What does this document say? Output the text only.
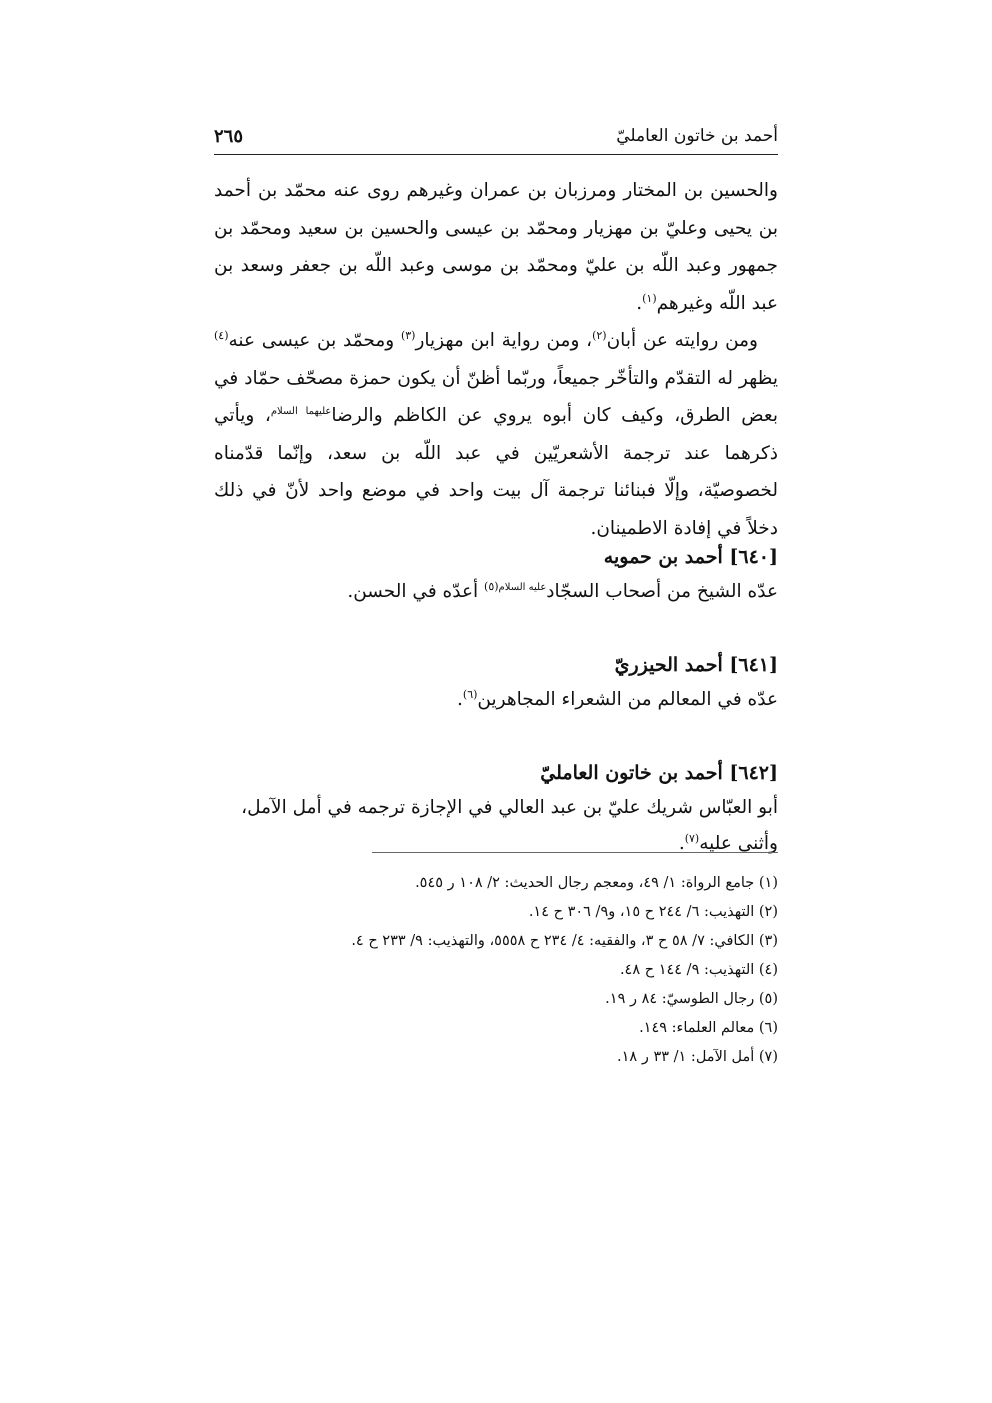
أحمد بن خاتون العامليّ
٢٦٥

والحسين بن المختار ومرزبان بن عمران وغيرهم روى عنه محمّد بن أحمد بن يحيى وعليّ بن مهزيار ومحمّد بن عيسى والحسين بن سعيد ومحمّد بن جمهور وعبد اللّه بن عليّ ومحمّد بن موسى وعبد اللّه بن جعفر وسعد بن عبد اللّه وغيرهم$^{(١)}$.

ومن روايته عن أبان$^{(٢)}$، ومن رواية ابن مهزيار$^{(٣)}$ ومحمّد بن عيسى عنه$^{(٤)}$ يظهر له التقدّم والتأخّر جميعاً، وربّما أظنّ أن يكون حمزة مصحّف حمّاد في بعض الطرق، وكيف كان أبوه يروي عن الكاظم والرضا$^{عليهما السلام}$، ويأتي ذكرهما عند ترجمة الأشعريّين في عبد اللّه بن سعد، وإنّما قدّمناه لخصوصيّة، وإلّا فبنائنا ترجمة آل بيت واحد في موضع واحد لأنّ في ذلك دخلاً في إفادة الاطمينان.

[٦٤٠] أحمد بن حمويه
عدّه الشيخ من أصحاب السجّاد$^{عليه السلام(٥)}$ أعدّه في الحسن.
[٦٤١] أحمد الحيزريّ
عدّه في المعالم من الشعراء المجاهرين$^{(٦)}$.
[٦٤٢] أحمد بن خاتون العامليّ
أبو العبّاس شريك عليّ بن عبد العالي في الإجازة ترجمه في أمل الآمل، وأثنى عليه$^{(٧)}$.
(١) جامع الرواة: ١/ ٤٩، ومعجم رجال الحديث: ٢/ ١٠٨ ر ٥٤٥.
(٢) التهذيب: ٦/ ٢٤٤ ح ١٥، و٩/ ٣٠٦ ح ١٤.
(٣) الكافي: ٧/ ٥٨ ح ٣، والفقيه: ٤/ ٢٣٤ ح ٥٥٥٨، والتهذيب: ٩/ ٢٣٣ ح ٤.
(٤) التهذيب: ٩/ ١٤٤ ح ٤٨.
(٥) رجال الطوسيّ: ٨٤ ر ١٩.
(٦) معالم العلماء: ١٤٩.
(٧) أمل الآمل: ١/ ٣٣ ر ١٨.
